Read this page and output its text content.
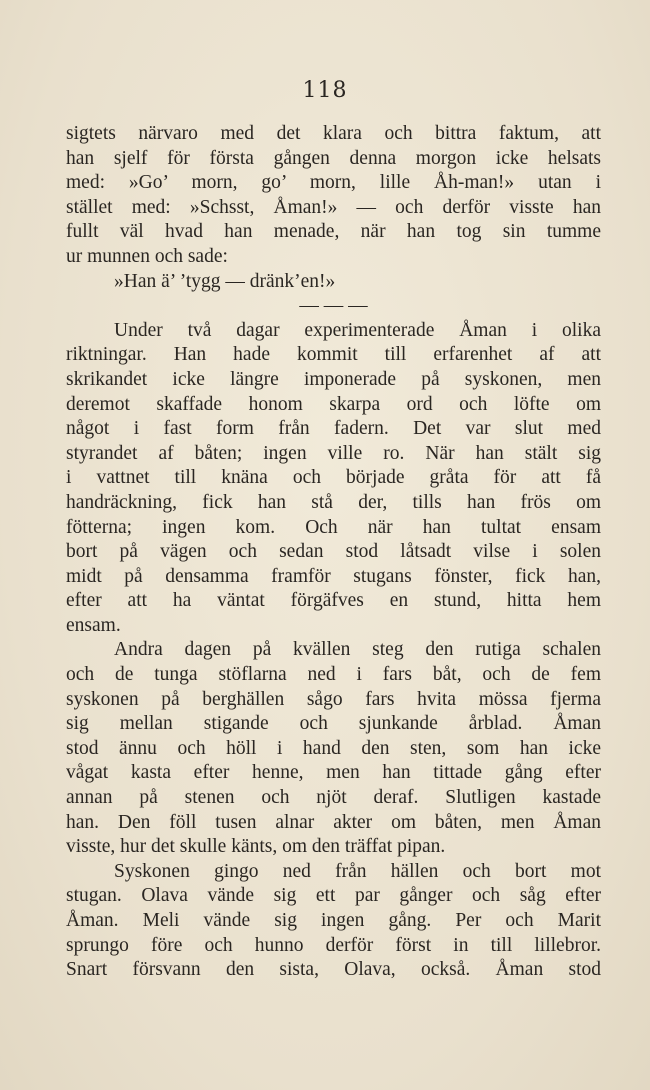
118
sigtets närvaro med det klara och bittra faktum, att
han sjelf för första gången denna morgon icke helsats
med: »Go’ morn, go’ morn, lille Åh-man!» utan i
stället med: »Schsst, Åman!» — och derför visste han
fullt väl hvad han menade, när han tog sin tumme
ur munnen och sade:
»Han ä’ ’tygg — dränk’en!»
— — —
Under två dagar experimenterade Åman i olika
riktningar. Han hade kommit till erfarenhet af att
skrikandet icke längre imponerade på syskonen, men
deremot skaffade honom skarpa ord och löfte om
något i fast form från fadern. Det var slut med
styrandet af båten; ingen ville ro. När han stält sig
i vattnet till knäna och började gråta för att få
handräckning, fick han stå der, tills han frös om
fötterna; ingen kom. Och när han tultat ensam
bort på vägen och sedan stod låtsadt vilse i solen
midt på densamma framför stugans fönster, fick han,
efter att ha väntat förgäfves en stund, hitta hem
ensam.
Andra dagen på kvällen steg den rutiga schalen
och de tunga stöflarna ned i fars båt, och de fem
syskonen på berghällen sågo fars hvita mössa fjerma
sig mellan stigande och sjunkande årblad. Åman
stod ännu och höll i hand den sten, som han icke
vågat kasta efter henne, men han tittade gång efter
annan på stenen och njöt deraf. Slutligen kastade
han. Den föll tusen alnar akter om båten, men Åman
visste, hur det skulle känts, om den träffat pipan.
Syskonen gingo ned från hällen och bort mot
stugan. Olava vände sig ett par gånger och såg efter
Åman. Meli vände sig ingen gång. Per och Marit
sprungo före och hunno derför först in till lillebror.
Snart försvann den sista, Olava, också. Åman stod
